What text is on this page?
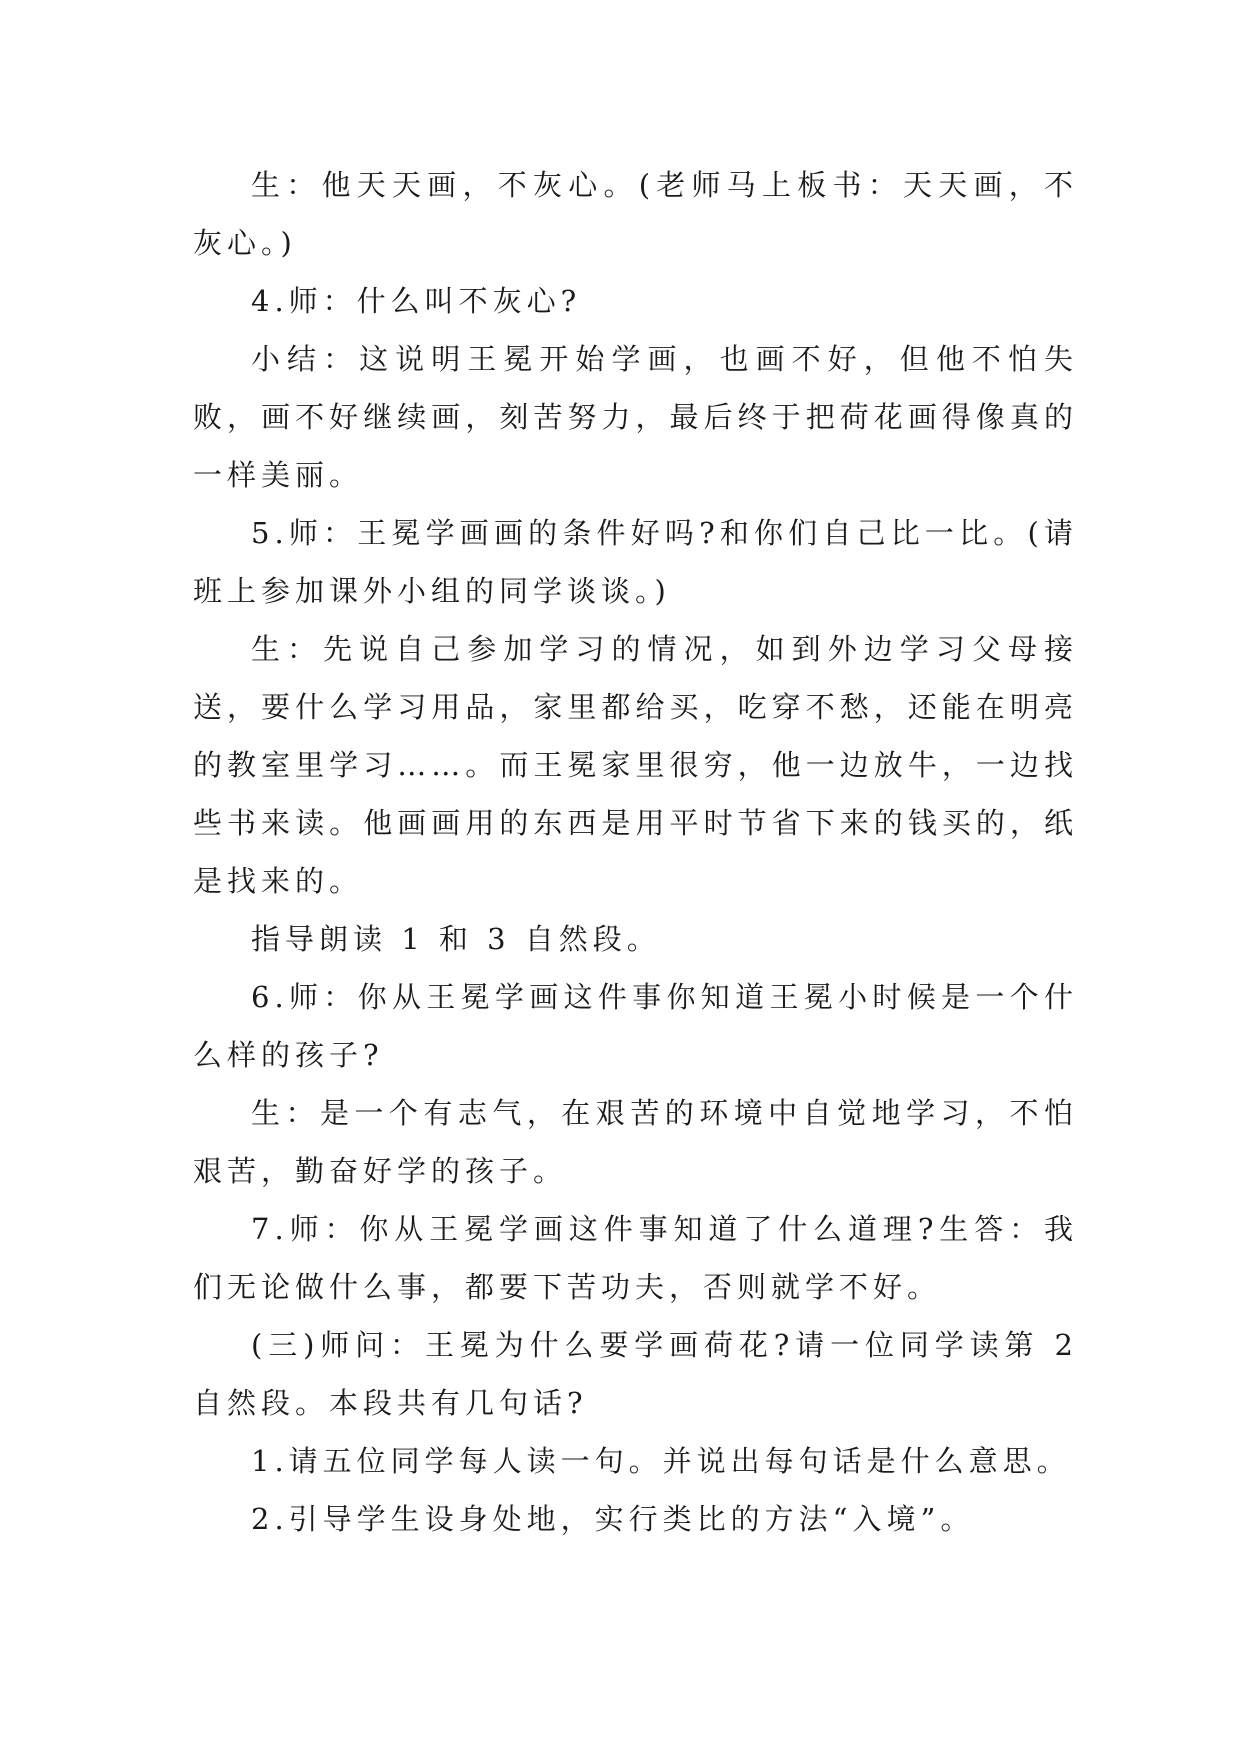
生：他天天画，不灰心。(老师马上板书：天天画，不灰心。)

4.师：什么叫不灰心?

小结：这说明王冕开始学画，也画不好，但他不怕失败，画不好继续画，刻苦努力，最后终于把荷花画得像真的一样美丽。

5.师：王冕学画画的条件好吗?和你们自己比一比。(请班上参加课外小组的同学谈谈。)

生：先说自己参加学习的情况，如到外边学习父母接送，要什么学习用品，家里都给买，吃穿不愁，还能在明亮的教室里学习……。而王冕家里很穷，他一边放牛，一边找些书来读。他画画用的东西是用平时节省下来的钱买的，纸是找来的。

指导朗读 1 和 3 自然段。

6.师：你从王冕学画这件事你知道王冕小时候是一个什么样的孩子?

生：是一个有志气，在艰苦的环境中自觉地学习，不怕艰苦，勤奋好学的孩子。

7.师：你从王冕学画这件事知道了什么道理?生答：我们无论做什么事，都要下苦功夫，否则就学不好。

(三)师问：王冕为什么要学画荷花?请一位同学读第 2 自然段。本段共有几句话?

1.请五位同学每人读一句。并说出每句话是什么意思。

2.引导学生设身处地，实行类比的方法“入境”。
